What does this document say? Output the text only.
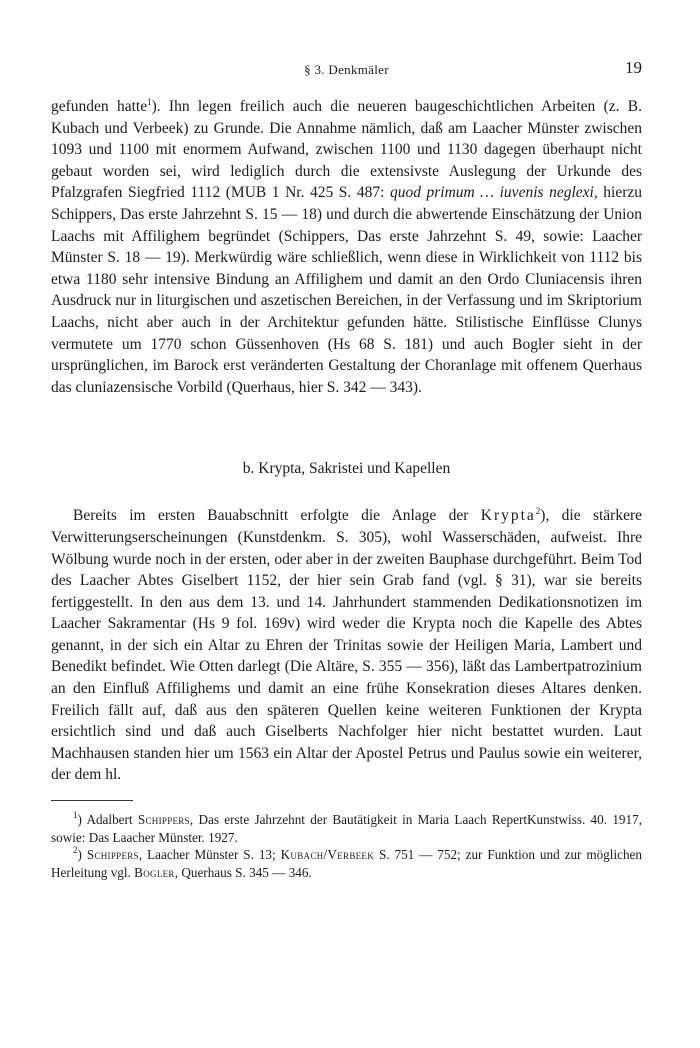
§ 3. Denkmäler	19

gefunden hatte$^1$). Ihn legen freilich auch die neueren baugeschichtlichen Arbeiten (z. B. Kubach und Verbeek) zu Grunde. Die Annahme nämlich, daß am Laacher Münster zwischen 1093 und 1100 mit enormem Aufwand, zwischen 1100 und 1130 dagegen überhaupt nicht gebaut worden sei, wird lediglich durch die extensivste Auslegung der Urkunde des Pfalzgrafen Siegfried 1112 (MUB 1 Nr. 425 S. 487: quod primum … iuvenis neglexi, hierzu Schippers, Das erste Jahrzehnt S. 15 — 18) und durch die abwertende Einschätzung der Union Laachs mit Affilighem begründet (Schippers, Das erste Jahrzehnt S. 49, sowie: Laacher Münster S. 18 — 19). Merkwürdig wäre schließlich, wenn diese in Wirklichkeit von 1112 bis etwa 1180 sehr intensive Bindung an Affilighem und damit an den Ordo Cluniacensis ihren Ausdruck nur in liturgischen und aszetischen Bereichen, in der Verfassung und im Skriptorium Laachs, nicht aber auch in der Architektur gefunden hätte. Stilistische Einflüsse Clunys vermutete um 1770 schon Güssenhoven (Hs 68 S. 181) und auch Bogler sieht in der ursprünglichen, im Barock erst veränderten Gestaltung der Choranlage mit offenem Querhaus das cluniazensische Vorbild (Querhaus, hier S. 342 — 343).

b. Krypta, Sakristei und Kapellen

Bereits im ersten Bauabschnitt erfolgte die Anlage der Krypta$^2$), die stärkere Verwitterungserscheinungen (Kunstdenkm. S. 305), wohl Wasserschäden, aufweist. Ihre Wölbung wurde noch in der ersten, oder aber in der zweiten Bauphase durchgeführt. Beim Tod des Laacher Abtes Giselbert 1152, der hier sein Grab fand (vgl. § 31), war sie bereits fertiggestellt. In den aus dem 13. und 14. Jahrhundert stammenden Dedikationsnotizen im Laacher Sakramentar (Hs 9 fol. 169v) wird weder die Krypta noch die Kapelle des Abtes genannt, in der sich ein Altar zu Ehren der Trinitas sowie der Heiligen Maria, Lambert und Benedikt befindet. Wie Otten darlegt (Die Altäre, S. 355 — 356), läßt das Lambertpatrozinium an den Einfluß Affilighems und damit an eine frühe Konsekration dieses Altares denken. Freilich fällt auf, daß aus den späteren Quellen keine weiteren Funktionen der Krypta ersichtlich sind und daß auch Giselberts Nachfolger hier nicht bestattet wurden. Laut Machhausen standen hier um 1563 ein Altar der Apostel Petrus und Paulus sowie ein weiterer, der dem hl.

$^1$) Adalbert Schippers, Das erste Jahrzehnt der Bautätigkeit in Maria Laach RepertKunstwiss. 40. 1917, sowie: Das Laacher Münster. 1927.

$^2$) Schippers, Laacher Münster S. 13; Kubach/Verbeek S. 751 — 752; zur Funktion und zur möglichen Herleitung vgl. Bogler, Querhaus S. 345 — 346.
